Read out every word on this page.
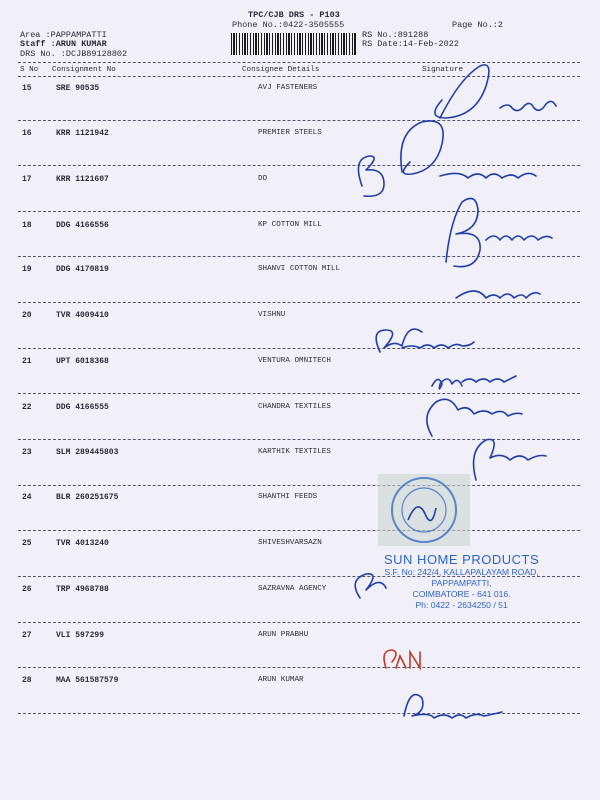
TPC/CJB DRS - P103
Phone No.:0422-3505555	Page No.:2
Area :PAPPAMPATTI
Staff :ARUN KUMAR
DRS No. :DCJB89128802
RS No.:891288
RS Date:14-Feb-2022
S No Consignment No	Consignee Details	Signature
15	SRE 90535	AVJ FASTENERS
16	KRR 1121942	PREMIER STEELS
17	KRR 1121607	DO
18	DDG 4166556	KP COTTON MILL
19	DDG 4170819	SHANVI COTTON MILL
20	TVR 4009410	VISHNU
21	UPT 6018368	VENTURA OMNITECH
22	DDG 4166555	CHANDRA TEXTILES
23	SLM 289445803	KARTHIK TEXTILES
24	BLR 260251675	SHANTHI FEEDS
25	TVR 4013240	SHIVESHVARSAZN
26	TRP 4968788	SAZRAVNA AGENCY
27	VLI 597299	ARUN PRABHU
28	MAA 561587579	ARUN KUMAR
SUN HOME PRODUCTS
S.F. No: 242/4, KALLAPALAYAM ROAD,
PAPPAMPATTI,
COIMBATORE - 641 016.
Ph: 0422 - 2634250 / 51
